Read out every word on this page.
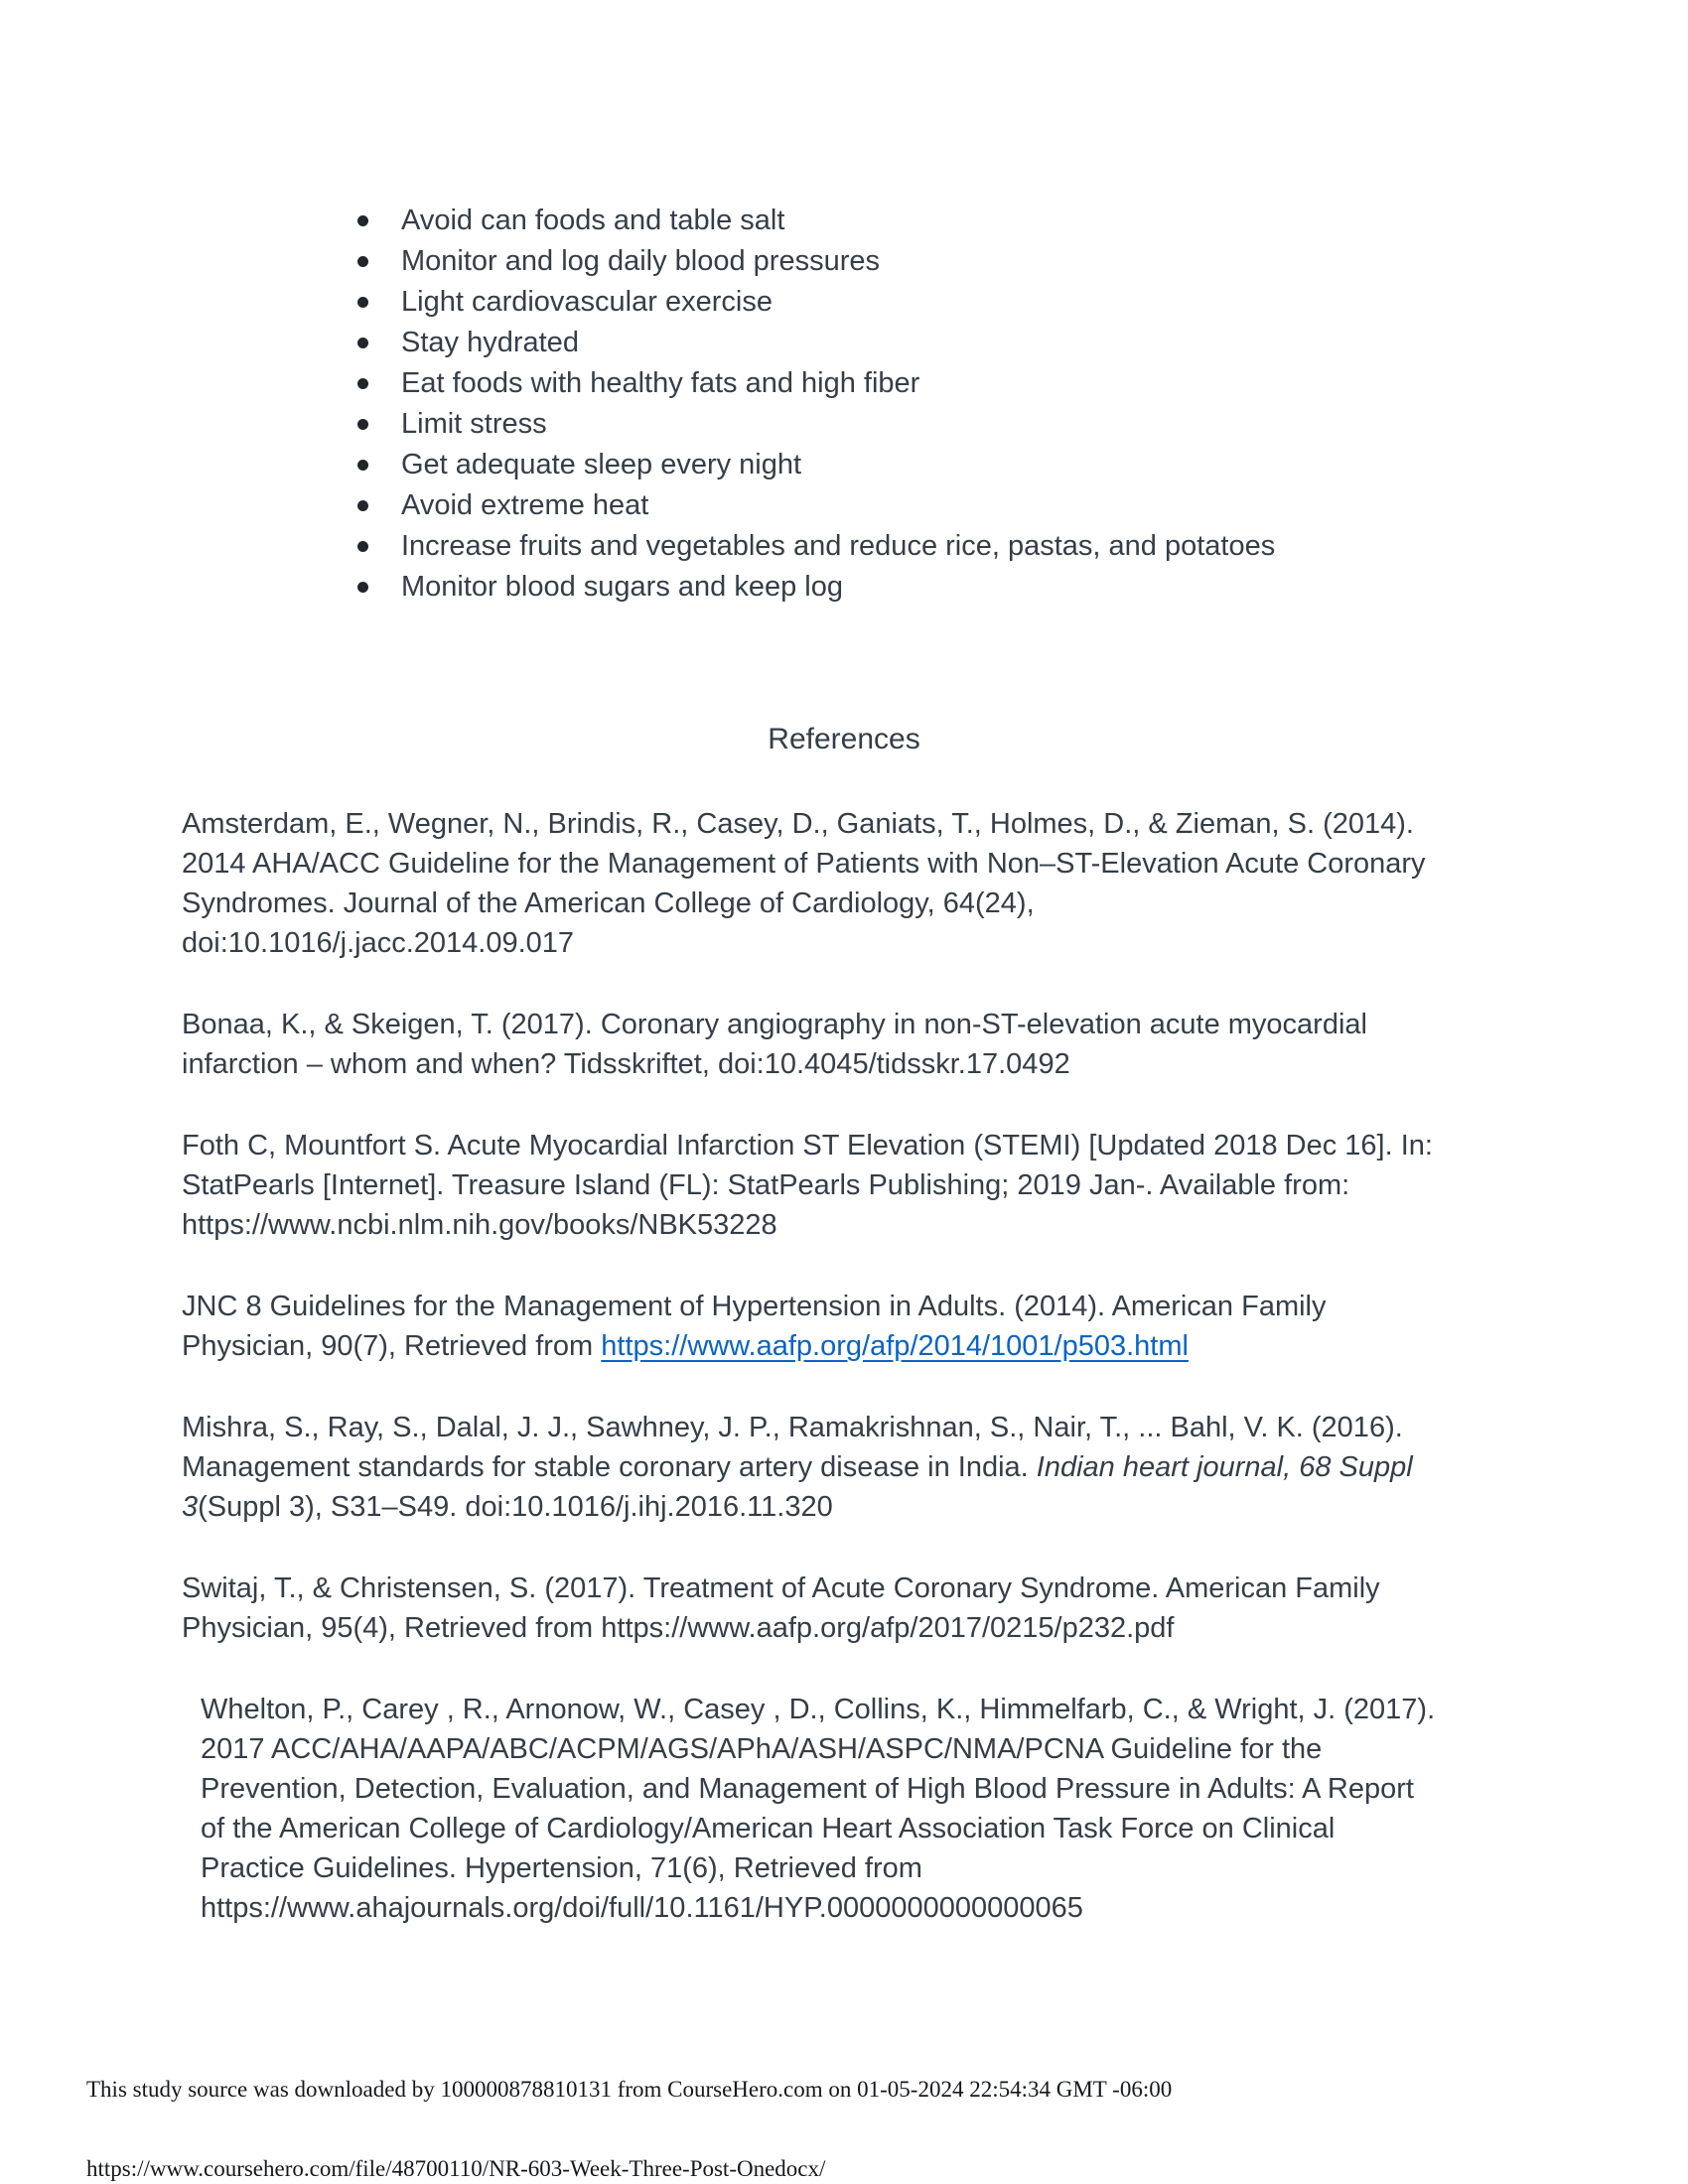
Avoid can foods and table salt
Monitor and log daily blood pressures
Light cardiovascular exercise
Stay hydrated
Eat foods with healthy fats and high fiber
Limit stress
Get adequate sleep every night
Avoid extreme heat
Increase fruits and vegetables and reduce rice, pastas, and potatoes
Monitor blood sugars and keep log
References

Amsterdam, E., Wegner, N., Brindis, R., Casey, D., Ganiats, T., Holmes, D., & Zieman, S. (2014).
2014 AHA/ACC Guideline for the Management of Patients with Non–ST-Elevation Acute Coronary
Syndromes. Journal of the American College of Cardiology, 64(24),
doi:10.1016/j.jacc.2014.09.017

Bonaa, K., & Skeigen, T. (2017). Coronary angiography in non-ST-elevation acute myocardial
infarction – whom and when? Tidsskriftet, doi:10.4045/tidsskr.17.0492

Foth C, Mountfort S. Acute Myocardial Infarction ST Elevation (STEMI) [Updated 2018 Dec 16]. In:
StatPearls [Internet]. Treasure Island (FL): StatPearls Publishing; 2019 Jan-. Available from:
https://www.ncbi.nlm.nih.gov/books/NBK53228

JNC 8 Guidelines for the Management of Hypertension in Adults. (2014). American Family
Physician, 90(7), Retrieved from https://www.aafp.org/afp/2014/1001/p503.html

Mishra, S., Ray, S., Dalal, J. J., Sawhney, J. P., Ramakrishnan, S., Nair, T., ... Bahl, V. K. (2016).
Management standards for stable coronary artery disease in India. Indian heart journal, 68 Suppl
3(Suppl 3), S31–S49. doi:10.1016/j.ihj.2016.11.320

Switaj, T., & Christensen, S. (2017). Treatment of Acute Coronary Syndrome. American Family
Physician, 95(4), Retrieved from https://www.aafp.org/afp/2017/0215/p232.pdf

Whelton, P., Carey , R., Arnonow, W., Casey , D., Collins, K., Himmelfarb, C., & Wright, J. (2017).
2017 ACC/AHA/AAPA/ABC/ACPM/AGS/APhA/ASH/ASPC/NMA/PCNA Guideline for the
Prevention, Detection, Evaluation, and Management of High Blood Pressure in Adults: A Report
of the American College of Cardiology/American Heart Association Task Force on Clinical
Practice Guidelines. Hypertension, 71(6), Retrieved from
https://www.ahajournals.org/doi/full/10.1161/HYP.0000000000000065

This study source was downloaded by 100000878810131 from CourseHero.com on 01-05-2024 22:54:34 GMT -06:00
https://www.coursehero.com/file/48700110/NR-603-Week-Three-Post-Onedocx/
